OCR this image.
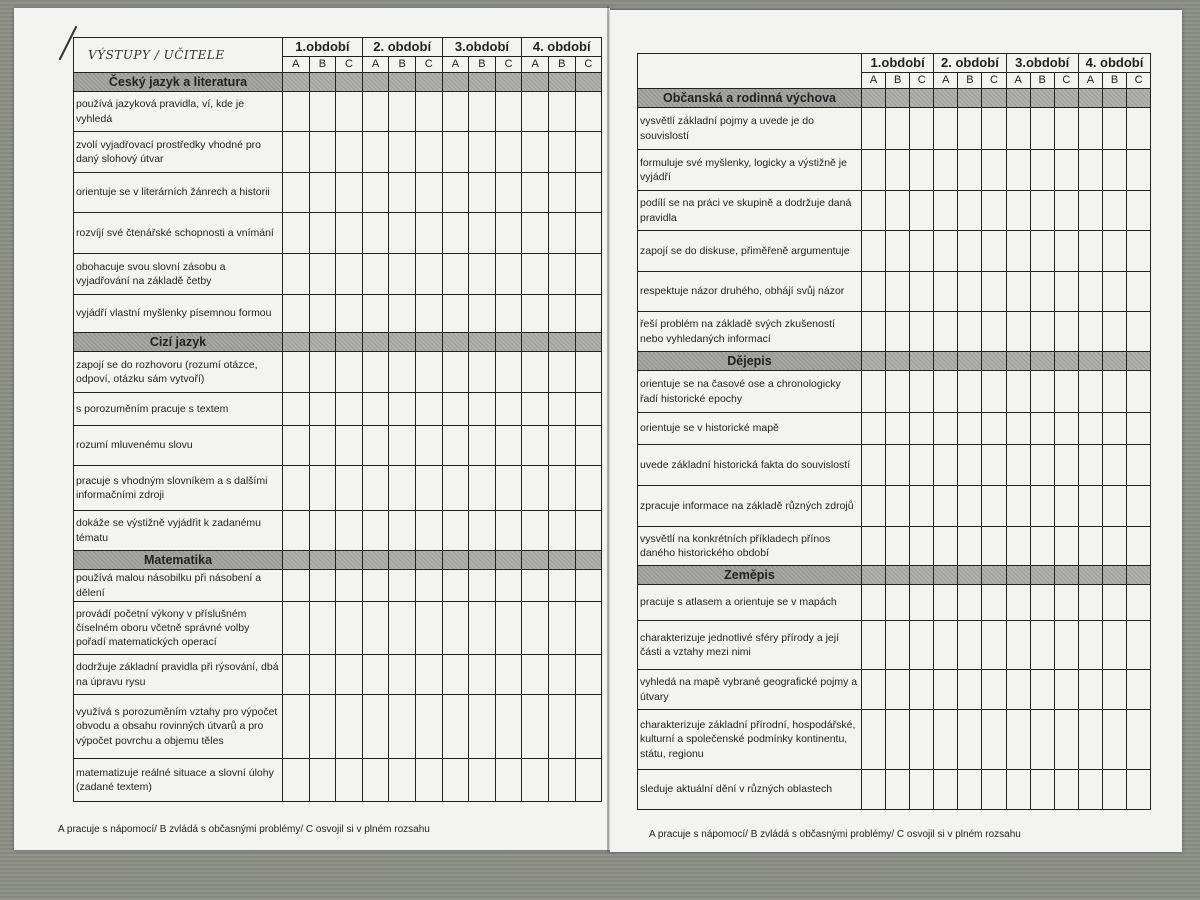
VÝSTUPY / UČITELE	1.období			2. období			3.období			4. období		
	A	B	C	A	B	C	A	B	C	A	B	C
Český jazyk a literatura												
používá jazyková pravidla, ví, kde je vyhledá												
zvolí vyjadřovací prostředky vhodné pro daný slohový útvar												
orientuje se v literárních žánrech a historii												
rozvíjí své čtenářské schopnosti a vnímání												
obohacuje svou slovní zásobu a vyjadřování na základě četby												
vyjádří vlastní myšlenky písemnou formou												
Cizí jazyk												
zapojí se do rozhovoru (rozumí otázce, odpoví, otázku sám vytvoří)												
s porozuměním pracuje s textem												
rozumí mluvenému slovu												
pracuje s vhodným slovníkem a s dalšími informačními zdroji												
dokáže se výstižně vyjádřit k zadanému tématu												
Matematika												
používá malou násobilku při násobení a dělení												
provádí početní výkony v příslušném číselném oboru včetně správné volby pořadí matematických operací												
dodržuje základní pravidla při rýsování, dbá na úpravu rysu												
využívá s porozuměním vztahy pro výpočet obvodu a obsahu rovinných útvarů a pro výpočet povrchu a objemu těles												
matematizuje reálné situace a slovní úlohy (zadané textem)												
	1.období			2. období			3.období			4. období		
	A	B	C	A	B	C	A	B	C	A	B	C
Občanská a rodinná výchova												
vysvětlí základní pojmy a uvede je do souvislostí												
formuluje své myšlenky, logicky a výstižně je vyjádří												
podílí se na práci ve skupině a dodržuje daná pravidla												
zapojí se do diskuse, přiměřeně argumentuje												
respektuje názor druhého, obhájí svůj názor												
řeší problém na základě svých zkušeností nebo vyhledaných informací												
Dějepis												
orientuje se na časové ose a chronologicky řadí historické epochy												
orientuje se v historické mapě												
uvede základní historická fakta do souvislostí												
zpracuje informace na základě různých zdrojů												
vysvětlí na konkrétních příkladech přínos daného historického období												
Zeměpis												
pracuje s atlasem a orientuje se v mapách												
charakterizuje jednotlivé sféry přírody a její části a vztahy mezi nimi												
vyhledá na mapě vybrané geografické pojmy a útvary												
charakterizuje základní přírodní, hospodářské, kulturní a společenské podmínky kontinentu, státu, regionu												
sleduje aktuální dění v různých oblastech												
A pracuje s nápomocí/ B zvládá s občasnými problémy/ C osvojil si v plném rozsahu	A pracuje s nápomocí/ B zvládá s občasnými problémy/ C osvojil si v plném rozsahu
